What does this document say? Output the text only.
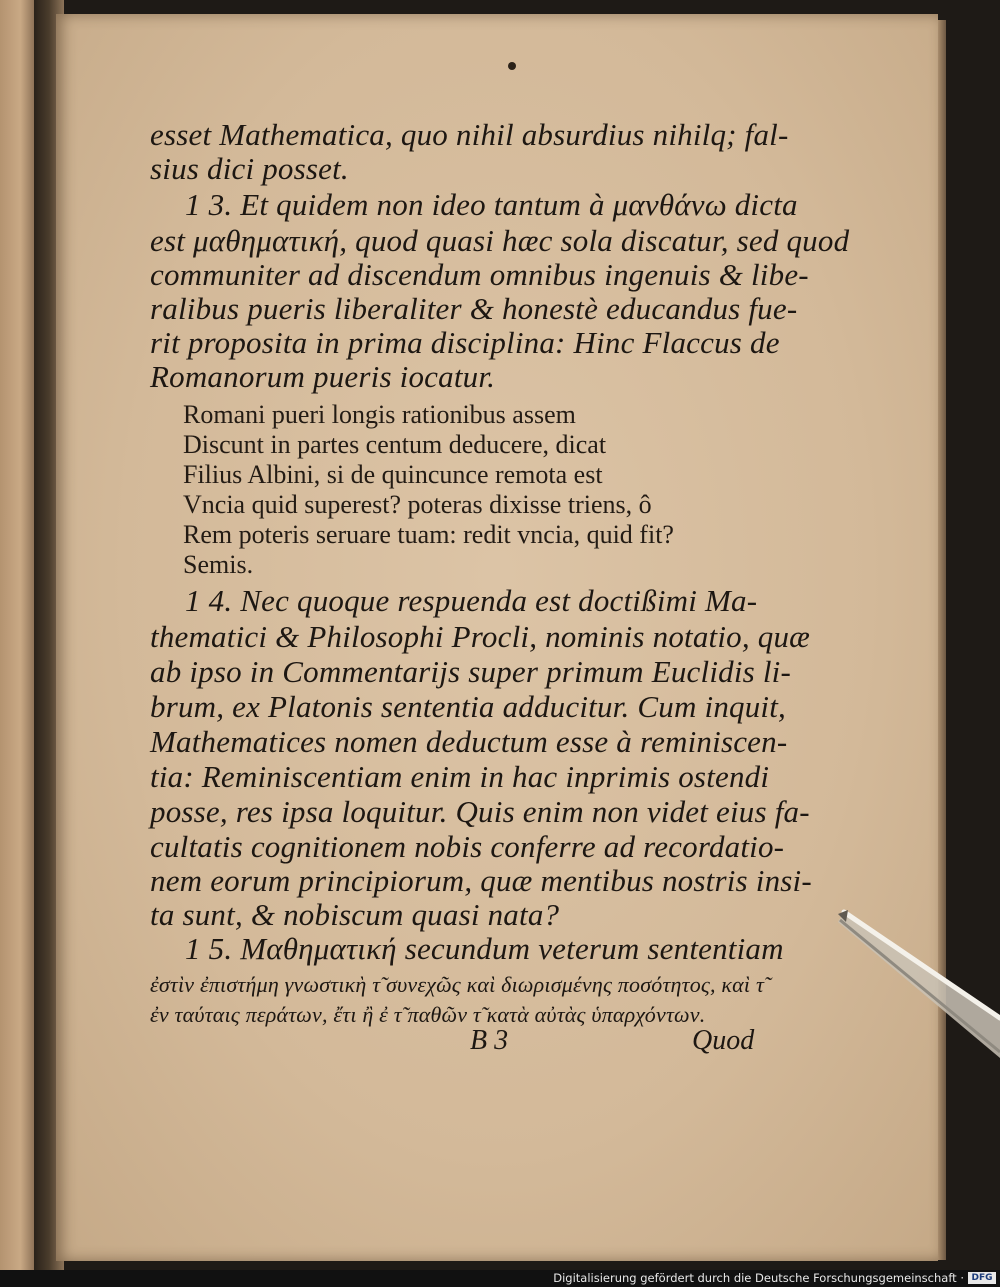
esset Mathematica, quo nihil absurdius nihilq; fal-
sius dici posset.
1 3. Et quidem non ideo tantum à μανθάνω dicta
est μαθηματική, quod quasi hæc sola discatur, sed quod
communiter ad discendum omnibus ingenuis & libe-
ralibus pueris liberaliter & honestè educandus fue-
rit proposita in prima disciplina: Hinc Flaccus de
Romanorum pueris iocatur.
Romani pueri longis rationibus assem
Discunt in partes centum deducere, dicat
Filius Albini, si de quincunce remota est
Vncia quid superest? poteras dixisse triens, ô
Rem poteris seruare tuam: redit vncia, quid fit?
Semis.
1 4. Nec quoque respuenda est doctißimi Ma-
thematici & Philosophi Procli, nominis notatio, quæ
ab ipso in Commentarijs super primum Euclidis li-
brum, ex Platonis sententia adducitur. Cum inquit,
Mathematices nomen deductum esse à reminiscen-
tia: Reminiscentiam enim in hac inprimis ostendi
posse, res ipsa loquitur. Quis enim non videt eius fa-
cultatis cognitionem nobis conferre ad recordatio-
nem eorum principiorum, quæ mentibus nostris insi-
ta sunt, & nobiscum quasi nata?
1 5. Μαθηματική secundum veterum sententiam
ἐστὶν ἐπιστήμη γνωστικὴ τ̃ συνεχῶς καὶ διωρισμένης ποσότητος, καὶ τ̃
ἐν ταύταις περάτων, ἔτι ἢ ἐ τ̃ παθῶν τ̃ κατὰ αὐτὰς ὑπαρχόντων.
B 3	Quod
Digitalisierung gefördert durch die Deutsche Forschungsgemeinschaft · DFG
